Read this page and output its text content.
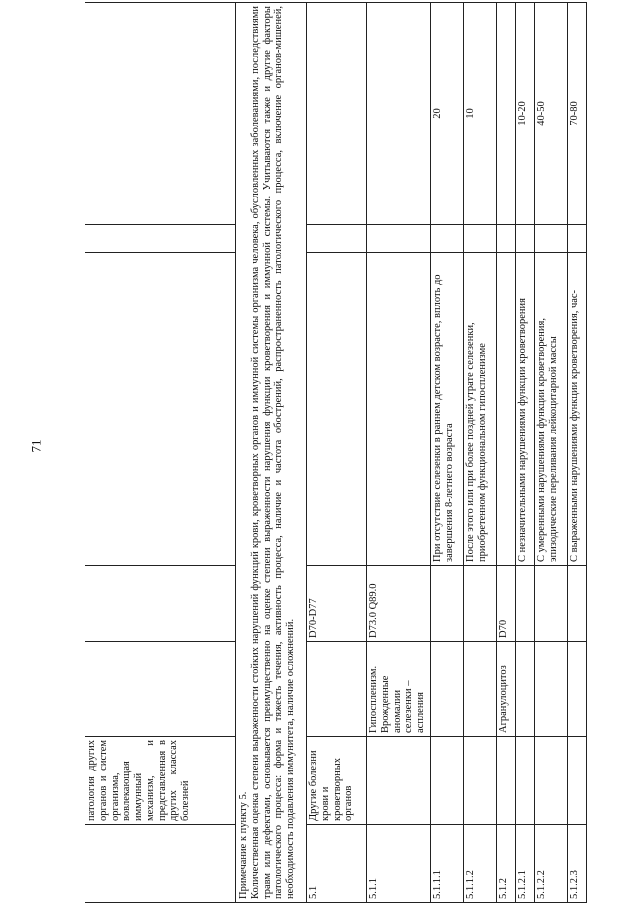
71
	патология других органов и систем организма, вовлекающая иммунный механизм, и представленная в других классах болезней					

Примечание к пункту 5. Количественная оценка степени выраженности стойких нарушений функций крови, кроветворных органов и иммунной системы организма человека, обусловленных заболеваниями, последствиями травм или дефектами, основывается преимущественно на оценке степени выраженности нарушения функции кроветворения и иммунной системы. Учитываются также и другие факторы патологического процесса: форма и тяжесть течения, активность процесса, наличие и частота обострений, распространенность патологического процесса, включение органов-мишеней, необходимость подавления иммунитета, наличие осложнений.						

5.1	Другие болезни крови и кроветворных органов		D70-D77			
5.1.1		Гипоспленизм. Врожденные аномалии селезенки – аспления	D73.0 Q89.0			
5.1.1.1				При отсутствие селезенки в раннем детском возрасте, вплоть до завершения 8-летнего возраста		20
5.1.1.2				После этого или при более поздней утрате селезенки, приобретенном функциональном гипоспленизме		10
5.1.2		Агранулоцитоз	D70			
5.1.2.1				С незначительными нарушениями функции кроветворения		10-20
5.1.2.2				С умеренными нарушениями функции кроветворения, эпизодические переливания лейкоцитарной массы		40-50
5.1.2.3				С выраженными нарушениями функции кроветворения, час-		70-80
